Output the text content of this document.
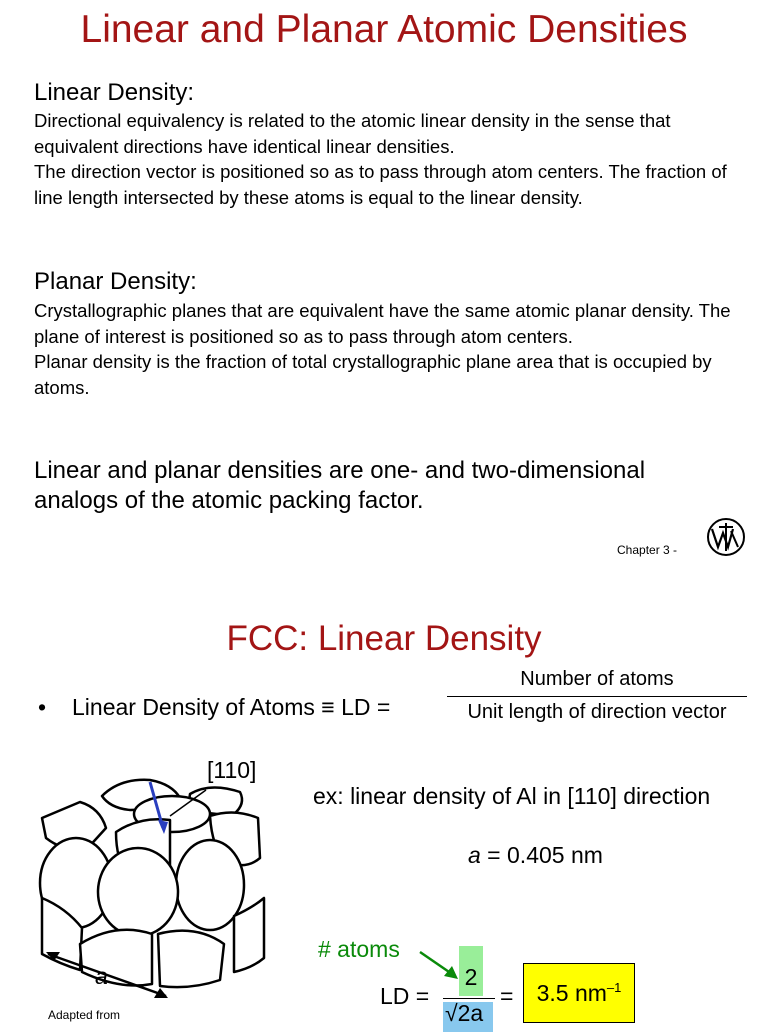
Linear and Planar Atomic Densities
Linear Density:

Directional equivalency is related to the atomic linear density in the sense that equivalent directions have identical linear densities.

The direction vector is positioned so as to pass through atom centers. The fraction of line length intersected by these atoms is equal to the linear density.

Planar Density:

Crystallographic planes that are equivalent have the same atomic planar density. The plane of interest is positioned so as to pass through atom centers.

Planar density is the fraction of total crystallographic plane area that is occupied by atoms.

Linear and planar densities are one- and two-dimensional analogs of the atomic packing factor.

Chapter 3 -
FCC: Linear Density
• Linear Density of Atoms ≡ LD =
Number of atoms
Unit length of direction vector
[110]
a

ex: linear density of Al in [110] direction

a = 0.405 nm
# atoms
LD =
2
√2a
= 3.5 $nm^{-1}$
Adapted from
